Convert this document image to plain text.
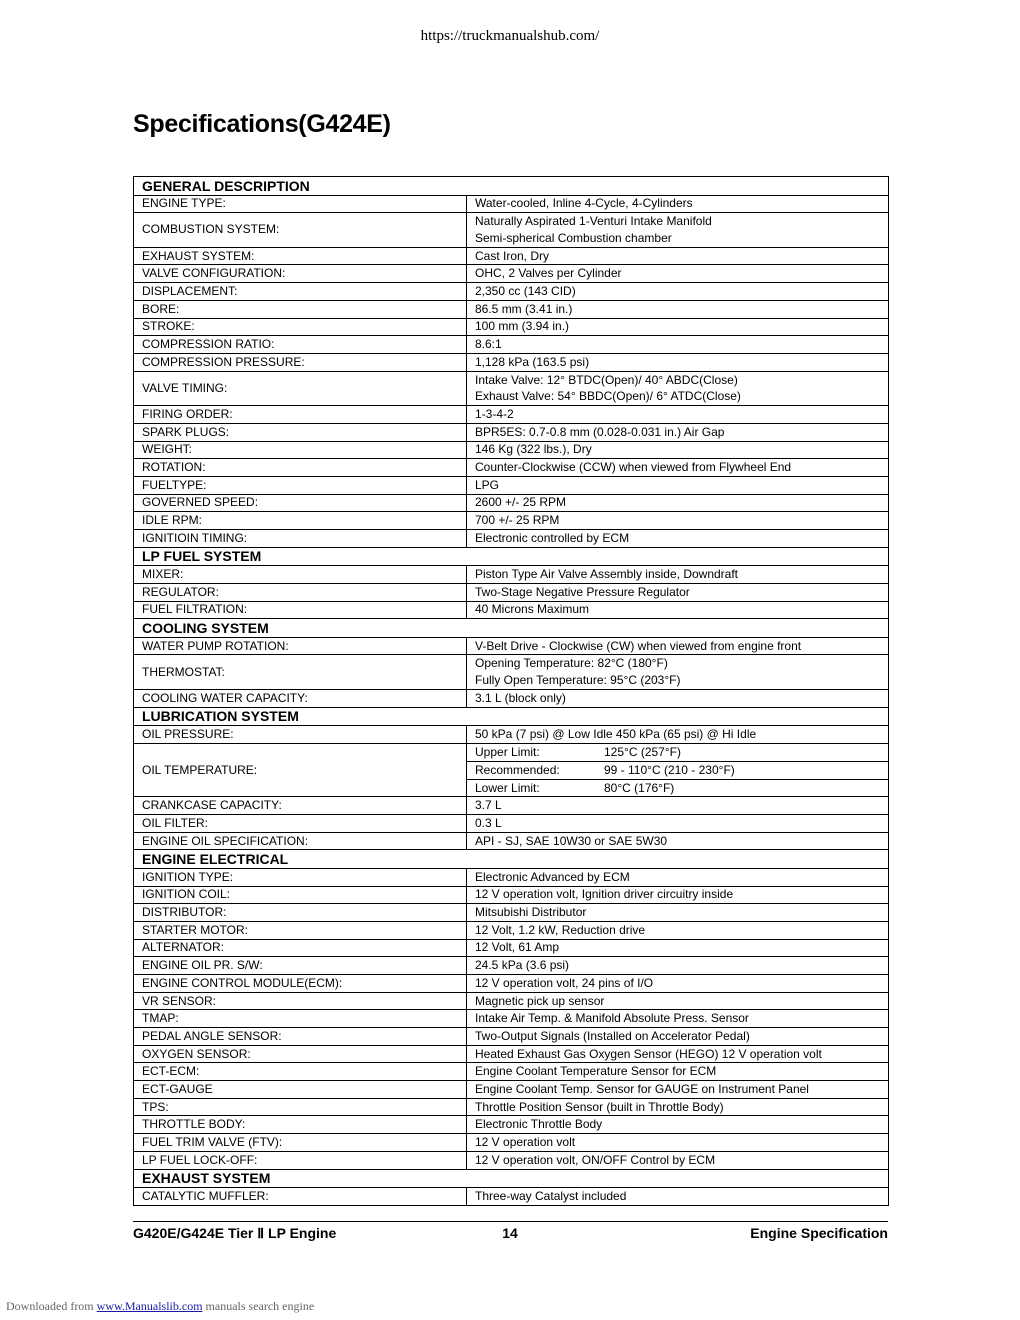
https://truckmanualshub.com/
Specifications(G424E)
GENERAL DESCRIPTION	
ENGINE TYPE:	Water-cooled, Inline 4-Cycle, 4-Cylinders
COMBUSTION SYSTEM:	Naturally Aspirated 1-Venturi Intake Manifold
Semi-spherical Combustion chamber

EXHAUST SYSTEM:	Cast Iron, Dry
VALVE CONFIGURATION:	OHC, 2 Valves per Cylinder
DISPLACEMENT:	2,350 cc (143 CID)
BORE:	86.5 mm (3.41 in.)
STROKE:	100 mm (3.94 in.)
COMPRESSION RATIO:	8.6:1
COMPRESSION PRESSURE:	1,128 kPa (163.5 psi)
VALVE TIMING:	Intake Valve: 12° BTDC(Open)/ 40° ABDC(Close)
Exhaust Valve: 54° BBDC(Open)/ 6° ATDC(Close)

FIRING ORDER:	1-3-4-2
SPARK PLUGS:	BPR5ES: 0.7-0.8 mm (0.028-0.031 in.) Air Gap
WEIGHT:	146 Kg (322 lbs.), Dry
ROTATION:	Counter-Clockwise (CCW) when viewed from Flywheel End
FUELTYPE:	LPG
GOVERNED SPEED:	2600 +/- 25 RPM
IDLE RPM:	700 +/- 25 RPM
IGNITIOIN TIMING:	Electronic controlled by ECM
LP FUEL SYSTEM	
MIXER:	Piston Type Air Valve Assembly inside, Downdraft
REGULATOR:	Two-Stage Negative Pressure Regulator
FUEL FILTRATION:	40 Microns Maximum
COOLING SYSTEM	
WATER PUMP ROTATION:	V-Belt Drive - Clockwise (CW) when viewed from engine front
THERMOSTAT:	Opening Temperature: 82°C (180°F)
Fully Open Temperature: 95°C (203°F)

COOLING WATER CAPACITY:	3.1 L (block only)
LUBRICATION SYSTEM	
OIL PRESSURE:	50 kPa (7 psi) @ Low Idle 450 kPa (65 psi) @ Hi Idle
OIL TEMPERATURE:	Upper Limit: 125°C (257°F)
Recommended: 99 - 110°C (210 - 230°F)
Lower Limit: 80°C (176°F)

CRANKCASE CAPACITY:	3.7 L
OIL FILTER:	0.3 L
ENGINE OIL SPECIFICATION:	API - SJ, SAE 10W30 or SAE 5W30
ENGINE ELECTRICAL	
IGNITION TYPE:	Electronic Advanced by ECM
IGNITION COIL:	12 V operation volt, Ignition driver circuitry inside
DISTRIBUTOR:	Mitsubishi Distributor
STARTER MOTOR:	12 Volt, 1.2 kW, Reduction drive
ALTERNATOR:	12 Volt, 61 Amp
ENGINE OIL PR. S/W:	24.5 kPa (3.6 psi)
ENGINE CONTROL MODULE(ECM):	12 V operation volt, 24 pins of I/O
VR SENSOR:	Magnetic pick up sensor
TMAP:	Intake Air Temp. & Manifold Absolute Press. Sensor
PEDAL ANGLE SENSOR:	Two-Output Signals (Installed on Accelerator Pedal)
OXYGEN SENSOR:	Heated Exhaust Gas Oxygen Sensor (HEGO) 12 V operation volt
ECT-ECM:	Engine Coolant Temperature Sensor for ECM
ECT-GAUGE	Engine Coolant Temp. Sensor for GAUGE on Instrument Panel
TPS:	Throttle Position Sensor (built in Throttle Body)
THROTTLE BODY:	Electronic Throttle Body
FUEL TRIM VALVE (FTV):	12 V operation volt
LP FUEL LOCK-OFF:	12 V operation volt, ON/OFF Control by ECM
EXHAUST SYSTEM	
CATALYTIC MUFFLER:	Three-way Catalyst included
G420E/G424E Tier Ⅱ LP Engine	14	Engine Specification
Downloaded from www.Manualslib.com manuals search engine
